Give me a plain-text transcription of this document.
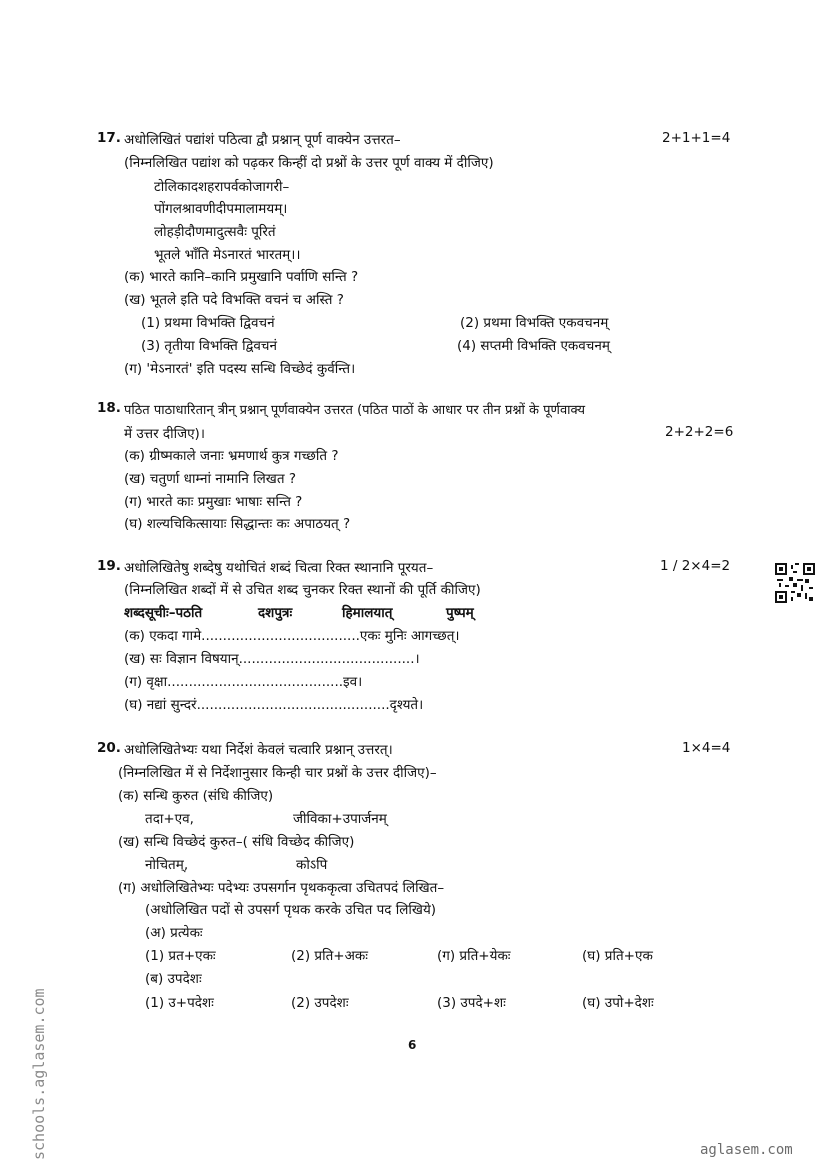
17. अधोलिखितं पद्यांशं पठित्वा द्वौ प्रश्नान् पूर्ण वाक्येन उत्तरत–	2+1+1=4
(निम्नलिखित पद्यांश को पढ़कर किन्हीं दो प्रश्नों के उत्तर पूर्ण वाक्य में दीजिए)
टोलिकादशहरापर्वकोजागरी–
पोंगलश्रावणीदीपमालामयम्।
लोहड़ीदौणमादुत्सवैः पूरितं
भूतले भाँति मेऽनारतं भारतम्।।
(क) भारते कानि–कानि प्रमुखानि पर्वाणि सन्ति ?
(ख) भूतले इति पदे विभक्ति वचनं च अस्ति ?
(1) प्रथमा विभक्ति द्विवचनं	(2) प्रथमा विभक्ति एकवचनम्
(3) तृतीया विभक्ति द्विवचनं	(4) सप्तमी विभक्ति एकवचनम्
(ग) 'मेऽनारतं' इति पदस्य सन्धि विच्छेदं कुर्वन्ति।
18. पठित पाठाधारितान् त्रीन् प्रश्नान् पूर्णवाक्येन उत्तरत (पठित पाठों के आधार पर तीन प्रश्नों के पूर्णवाक्य
में उत्तर दीजिए)।	2+2+2=6
(क) ग्रीष्मकाले जनाः भ्रमणार्थ कुत्र गच्छति ?
(ख) चतुर्णा धाम्नां नामानि लिखत ?
(ग) भारते काः प्रमुखाः भाषाः सन्ति ?
(घ) शल्यचिकित्सायाः सिद्धान्तः कः अपाठयत् ?
19. अधोलिखितेषु शब्देषु यथोचितं शब्दं चित्वा रिक्त स्थानानि पूरयत–	1 / 2×4=2
(निम्नलिखित शब्दों में से उचित शब्द चुनकर रिक्त स्थानों की पूर्ति कीजिए)
शब्दसूचीः–पठति	दशपुत्रः	हिमालयात्	पुष्पम्
(क) एकदा गामे.....................................एकः मुनिः आगच्छत्।
(ख) सः विज्ञान विषयान्.........................................।
(ग) वृक्षा.........................................इव।
(घ) नद्यां सुन्दरं.............................................दृश्यते।
20. अधोलिखितेभ्यः यथा निर्देशं केवलं चत्वारि प्रश्नान् उत्तरत्।	1×4=4
(निम्नलिखित में से निर्देशानुसार किन्ही चार प्रश्नों के उत्तर दीजिए)–
(क) सन्धि कुरुत (संधि कीजिए)
तदा+एव,	जीविका+उपार्जनम्
(ख) सन्धि विच्छेदं कुरुत–( संधि विच्छेद कीजिए)
नोचितम्,	कोऽपि
(ग) अधोलिखितेभ्यः पदेभ्यः उपसर्गान पृथककृत्वा उचितपदं लिखित–
(अधोलिखित पदों से उपसर्ग पृथक करके उचित पद लिखिये)
(अ) प्रत्येकः
(1) प्रत+एकः	(2) प्रति+अकः	(ग) प्रति+येकः	(घ) प्रति+एक
(ब) उपदेशः
(1) उ+पदेशः	(2) उपदेशः	(3) उपदे+शः	(घ) उपो+देशः
6
schools.aglasem.com	aglasem.com
